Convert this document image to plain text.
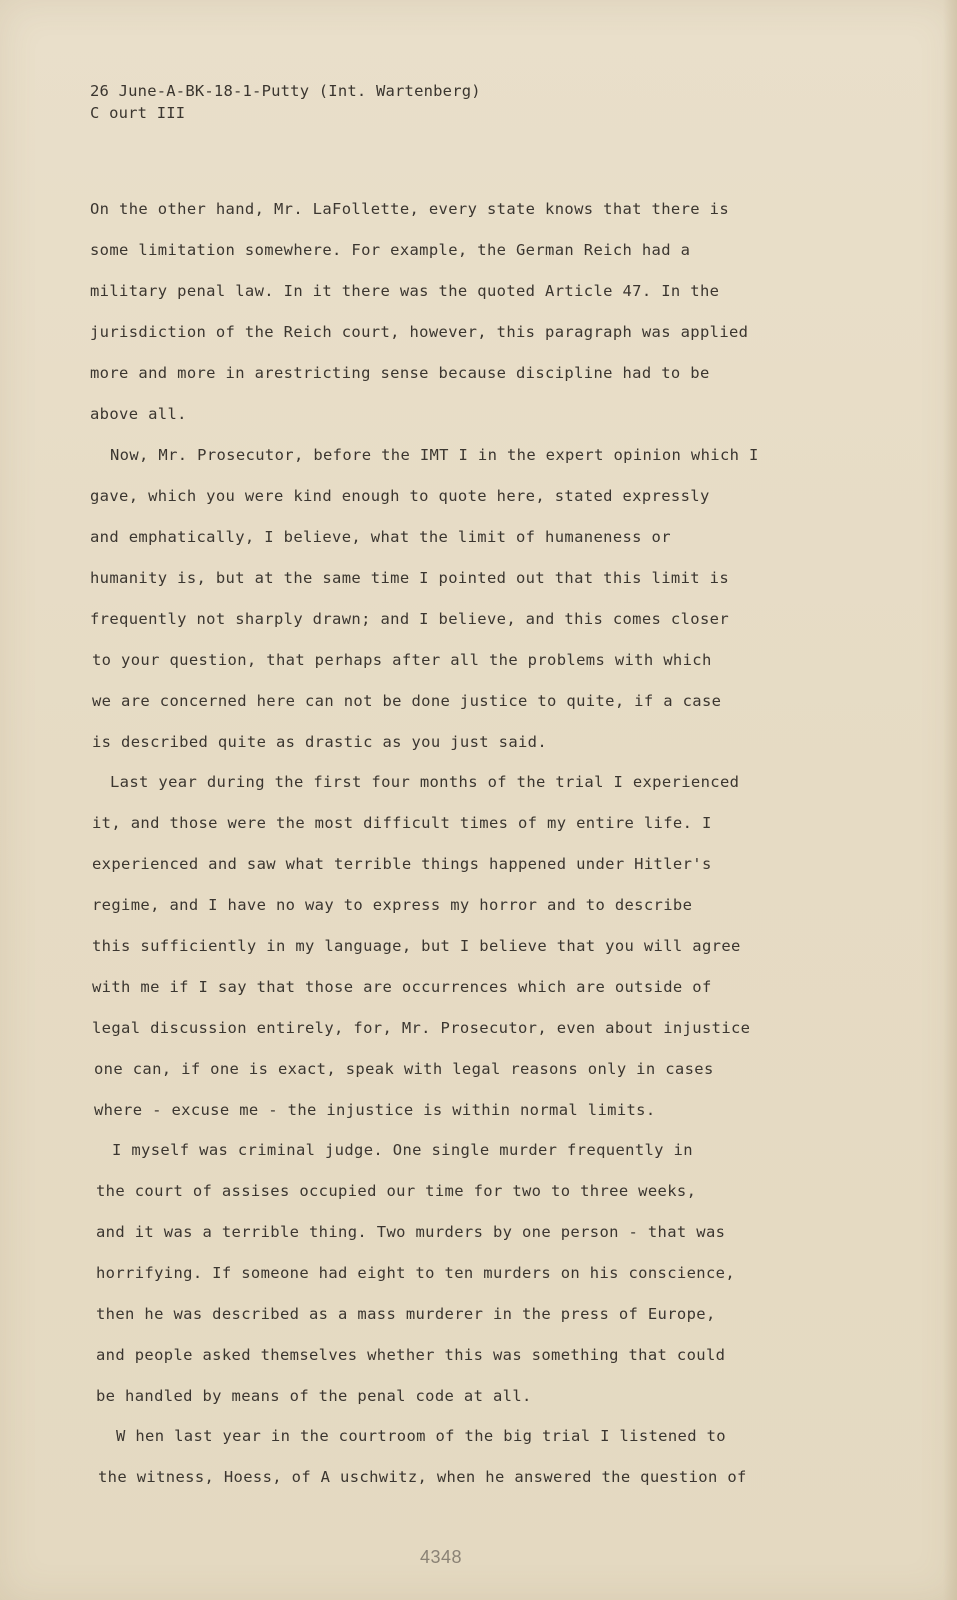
26 June-A-BK-18-1-Putty (Int. Wartenberg)
C ourt III
On the other hand, Mr. LaFollette, every state knows that there is
some limitation somewhere. For example, the German Reich had a
military penal law. In it there was the quoted Article 47. In the
jurisdiction of the Reich court, however, this paragraph was applied
more and more in arestricting sense because discipline had to be
above all.
Now, Mr. Prosecutor, before the IMT I in the expert opinion which I
gave, which you were kind enough to quote here, stated expressly
and emphatically, I believe, what the limit of humaneness or
humanity is, but at the same time I pointed out that this limit is
frequently not sharply drawn; and I believe, and this comes closer
to your question, that perhaps after all the problems with which
we are concerned here can not be done justice to quite, if a case
is described quite as drastic as you just said.
Last year during the first four months of the trial I experienced
it, and those were the most difficult times of my entire life. I
experienced and saw what terrible things happened under Hitler's
regime, and I have no way to express my horror and to describe
this sufficiently in my language, but I believe that you will agree
with me if I say that those are occurrences which are outside of
legal discussion entirely, for, Mr. Prosecutor, even about injustice
one can, if one is exact, speak with legal reasons only in cases
where - excuse me - the injustice is within normal limits.
I myself was criminal judge. One single murder frequently in
the court of assises occupied our time for two to three weeks,
and it was a terrible thing. Two murders by one person - that was
horrifying. If someone had eight to ten murders on his conscience,
then he was described as a mass murderer in the press of Europe,
and people asked themselves whether this was something that could
be handled by means of the penal code at all.
W hen last year in the courtroom of the big trial I listened to
the witness, Hoess, of A uschwitz, when he answered the question of
4348
